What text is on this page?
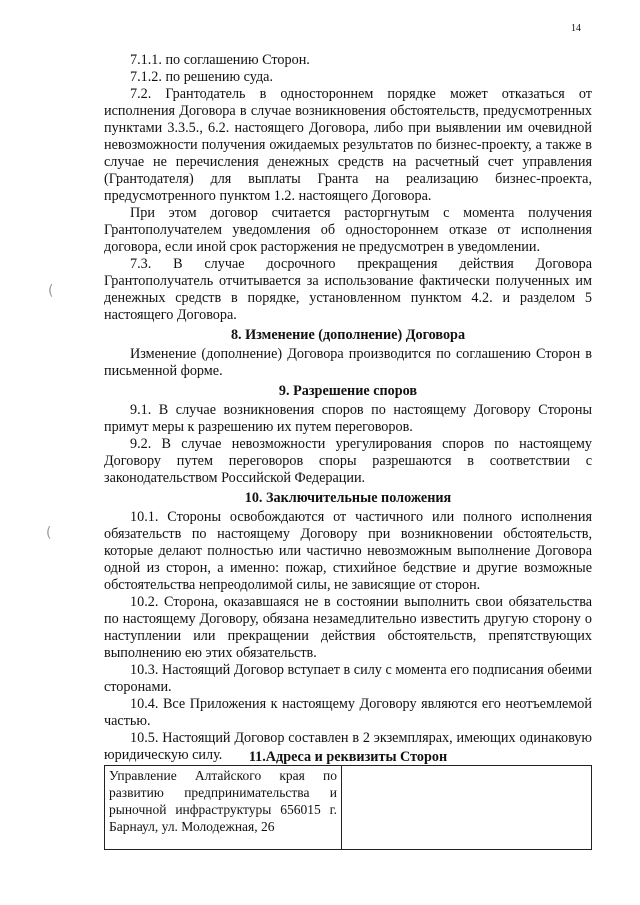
14
(
(

7.1.1. по соглашению Сторон.

7.1.2. по решению суда.

7.2. Грантодатель в одностороннем порядке может отказаться от исполнения Договора в случае возникновения обстоятельств, предусмотренных пунктами 3.3.5., 6.2. настоящего Договора, либо при выявлении им очевидной невозможности получения ожидаемых результатов по бизнес-проекту, а также в случае не перечисления денежных средств на расчетный счет управления (Грантодателя) для выплаты Гранта на реализацию бизнес-проекта, предусмотренного пунктом 1.2. настоящего Договора.

При этом договор считается расторгнутым с момента получения Грантополучателем уведомления об одностороннем отказе от исполнения договора, если иной срок расторжения не предусмотрен в уведомлении.

7.3. В случае досрочного прекращения действия Договора Грантополучатель отчитывается за использование фактически полученных им денежных средств в порядке, установленном пунктом 4.2. и разделом 5 настоящего Договора.

8. Изменение (дополнение) Договора

Изменение (дополнение) Договора производится по соглашению Сторон в письменной форме.

9. Разрешение споров

9.1. В случае возникновения споров по настоящему Договору Стороны примут меры к разрешению их путем переговоров.

9.2. В случае невозможности урегулирования споров по настоящему Договору путем переговоров споры разрешаются в соответствии с законодательством Российской Федерации.

10. Заключительные положения

10.1. Стороны освобождаются от частичного или полного исполнения обязательств по настоящему Договору при возникновении обстоятельств, которые делают полностью или частично невозможным выполнение Договора одной из сторон, а именно: пожар, стихийное бедствие и другие возможные обстоятельства непреодолимой силы, не зависящие от сторон.

10.2. Сторона, оказавшаяся не в состоянии выполнить свои обязательства по настоящему Договору, обязана незамедлительно известить другую сторону о наступлении или прекращении действия обстоятельств, препятствующих выполнению ею этих обязательств.

10.3. Настоящий Договор вступает в силу с момента его подписания обеими сторонами.

10.4. Все Приложения к настоящему Договору являются его неотъемлемой частью.

10.5. Настоящий Договор составлен в 2 экземплярах, имеющих одинаковую юридическую силу.	11.Адреса и реквизиты Сторон
Управление Алтайского края по развитию предпринимательства и рыночной инфраструктуры 656015 г. Барнаул, ул. Молодежная, 26
